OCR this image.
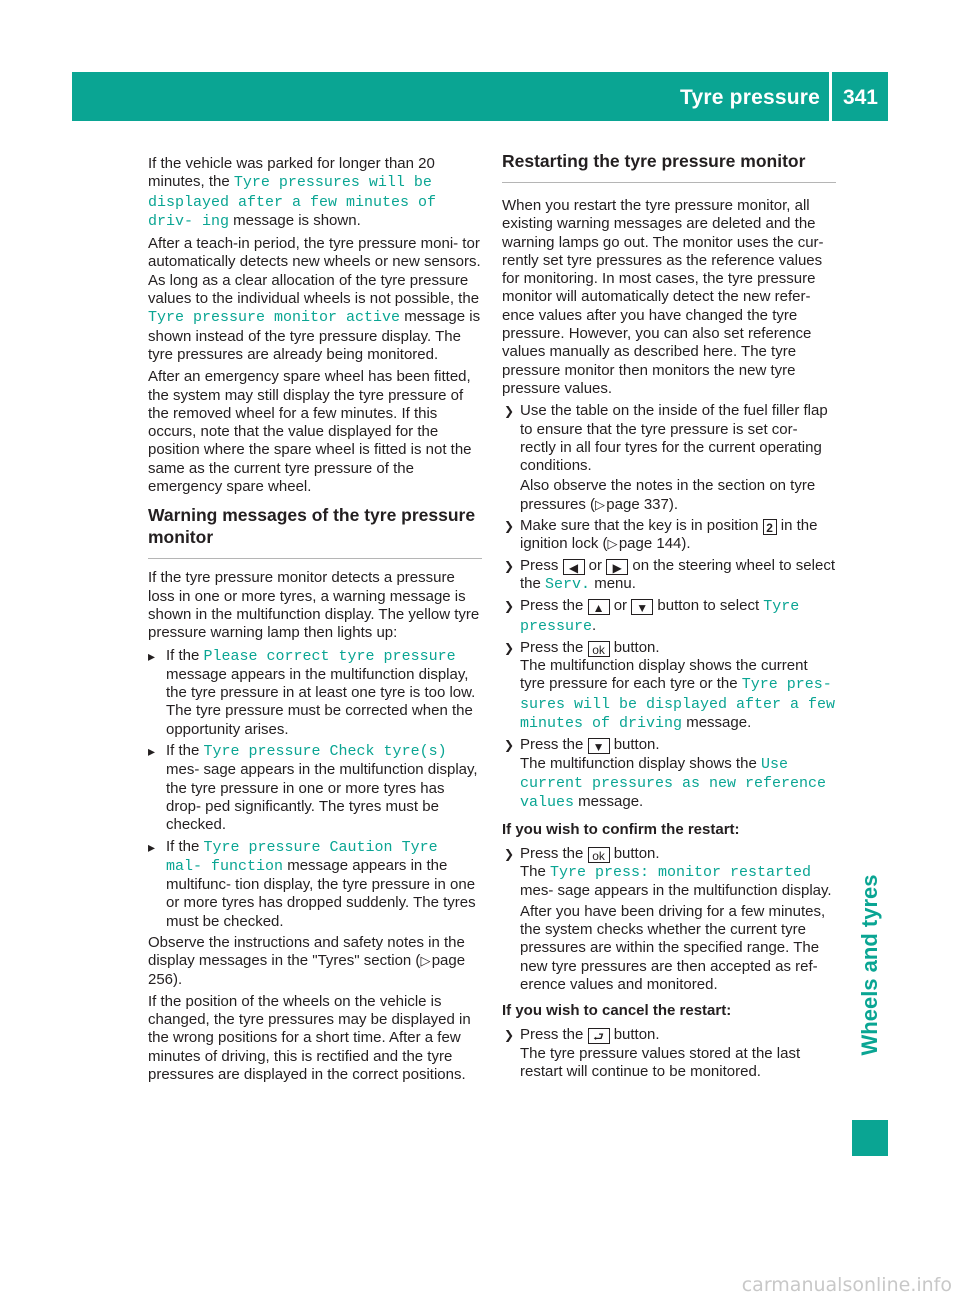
Tyre pressure 341
Wheels and tyres

If the vehicle was parked for longer than 20 minutes, the Tyre pressures will be displayed after a few minutes of driv‐ ing message is shown.

After a teach-in period, the tyre pressure moni- tor automatically detects new wheels or new sensors. As long as a clear allocation of the tyre pressure values to the individual wheels is not possible, the Tyre pressure monitor active message is shown instead of the tyre pressure display. The tyre pressures are already being monitored.

After an emergency spare wheel has been fitted, the system may still display the tyre pressure of the removed wheel for a few minutes. If this occurs, note that the value displayed for the position where the spare wheel is fitted is not the same as the current tyre pressure of the emergency spare wheel.

Warning messages of the tyre pressure monitor

If the tyre pressure monitor detects a pressure loss in one or more tyres, a warning message is shown in the multifunction display. The yellow tyre pressure warning lamp then lights up:

▸ If the Please correct tyre pressure message appears in the multifunction display, the tyre pressure in at least one tyre is too low. The tyre pressure must be corrected when the opportunity arises.
▸ If the Tyre pressure Check tyre(s) mes- sage appears in the multifunction display, the tyre pressure in one or more tyres has drop- ped significantly. The tyres must be checked.
▸ If the Tyre pressure Caution Tyre mal‐ function message appears in the multifunc- tion display, the tyre pressure in one or more tyres has dropped suddenly. The tyres must be checked.

Observe the instructions and safety notes in the display messages in the "Tyres" section (▷ page 256).

If the position of the wheels on the vehicle is changed, the tyre pressures may be displayed in the wrong positions for a short time. After a few minutes of driving, this is rectified and the tyre pressures are displayed in the correct positions.

Restarting the tyre pressure monitor

When you restart the tyre pressure monitor, all existing warning messages are deleted and the warning lamps go out. The monitor uses the cur- rently set tyre pressures as the reference values for monitoring. In most cases, the tyre pressure monitor will automatically detect the new refer- ence values after you have changed the tyre pressure. However, you can also set reference values manually as described here. The tyre pressure monitor then monitors the new tyre pressure values.

❯ Use the table on the inside of the fuel filler flap to ensure that the tyre pressure is set cor- rectly in all four tyres for the current operating conditions.
Also observe the notes in the section on tyre pressures (▷ page 337).
❯ Make sure that the key is in position 2 in the ignition lock (▷ page 144).
❯ Press ◀ or ▶ on the steering wheel to select the Serv. menu.
❯ Press the ▲ or ▼ button to select Tyre pressure.
❯ Press the ok button.
The multifunction display shows the current tyre pressure for each tyre or the Tyre pres‐ sures will be displayed after a few minutes of driving message.
❯ Press the ▼ button.
The multifunction display shows the Use current pressures as new reference values message.
If you wish to confirm the restart:
❯ Press the ok button.
The Tyre press: monitor restarted mes- sage appears in the multifunction display.
After you have been driving for a few minutes, the system checks whether the current tyre pressures are within the specified range. The new tyre pressures are then accepted as ref- erence values and monitored.
If you wish to cancel the restart:
❯ Press the ⮐ button.
The tyre pressure values stored at the last restart will continue to be monitored.
carmanualsonline.info
